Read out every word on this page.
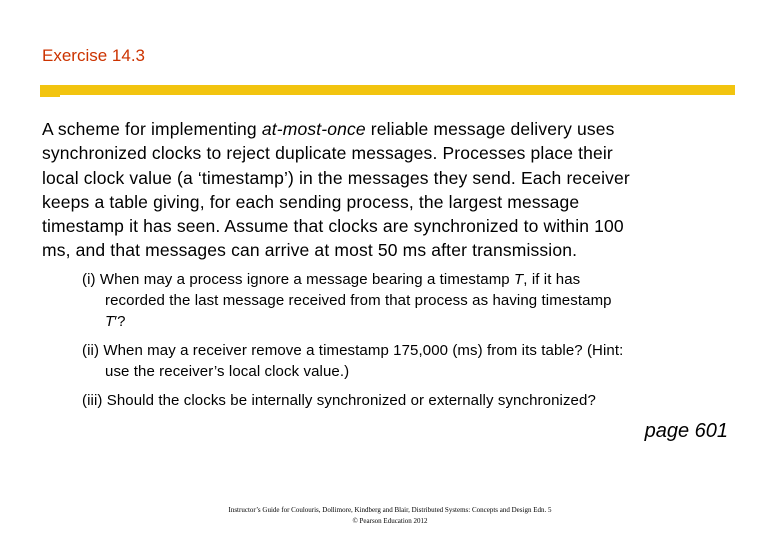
Exercise 14.3
A scheme for implementing at-most-once reliable message delivery uses
synchronized clocks to reject duplicate messages. Processes place their
local clock value (a ‘timestamp’) in the messages they send. Each receiver
keeps a table giving, for each sending process, the largest message
timestamp it has seen. Assume that clocks are synchronized to within 100
ms, and that messages can arrive at most 50 ms after transmission.
(i) When may a process ignore a message bearing a timestamp T, if it has
recorded the last message received from that process as having timestamp
T′?
(ii) When may a receiver remove a timestamp 175,000 (ms) from its table? (Hint:
use the receiver’s local clock value.)
(iii) Should the clocks be internally synchronized or externally synchronized?
page 601
Instructor’s Guide for Coulouris, Dollimore, Kindberg and Blair, Distributed Systems: Concepts and Design Edn. 5
© Pearson Education 2012
